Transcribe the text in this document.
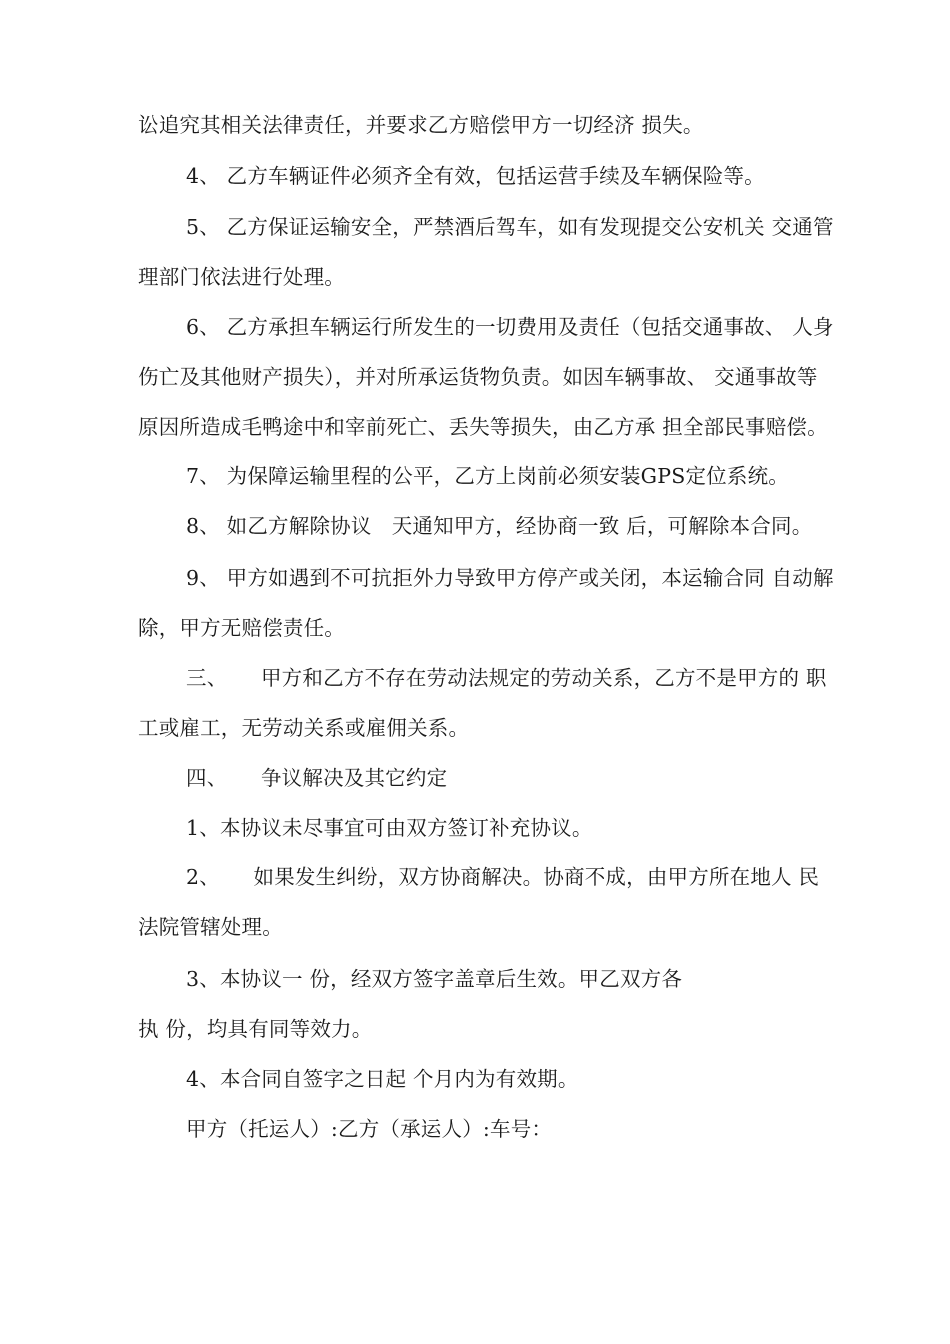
讼追究其相关法律责任，并要求乙方赔偿甲方一切经济 损失。
4、 乙方车辆证件必须齐全有效，包括运营手续及车辆保险等。
5、 乙方保证运输安全，严禁酒后驾车，如有发现提交公安机关 交通管
理部门依法进行处理。
6、 乙方承担车辆运行所发生的一切费用及责任（包括交通事故、 人身
伤亡及其他财产损失），并对所承运货物负责。如因车辆事故、 交通事故等
原因所造成毛鸭途中和宰前死亡、丢失等损失，由乙方承 担全部民事赔偿。
7、 为保障运输里程的公平，乙方上岗前必须安装GPS定位系统。
8、 如乙方解除协议   天通知甲方，经协商一致 后，可解除本合同。
9、 甲方如遇到不可抗拒外力导致甲方停产或关闭，本运输合同 自动解
除，甲方无赔偿责任。
三、     甲方和乙方不存在劳动法规定的劳动关系，乙方不是甲方的 职
工或雇工，无劳动关系或雇佣关系。
四、     争议解决及其它约定
1、本协议未尽事宜可由双方签订补充协议。
2、     如果发生纠纷，双方协商解决。协商不成，由甲方所在地人 民
法院管辖处理。
3、本协议一 份，经双方签字盖章后生效。甲乙双方各
执 份，均具有同等效力。
4、本合同自签字之日起 个月内为有效期。
甲方（托运人）:乙方（承运人）:车号：
